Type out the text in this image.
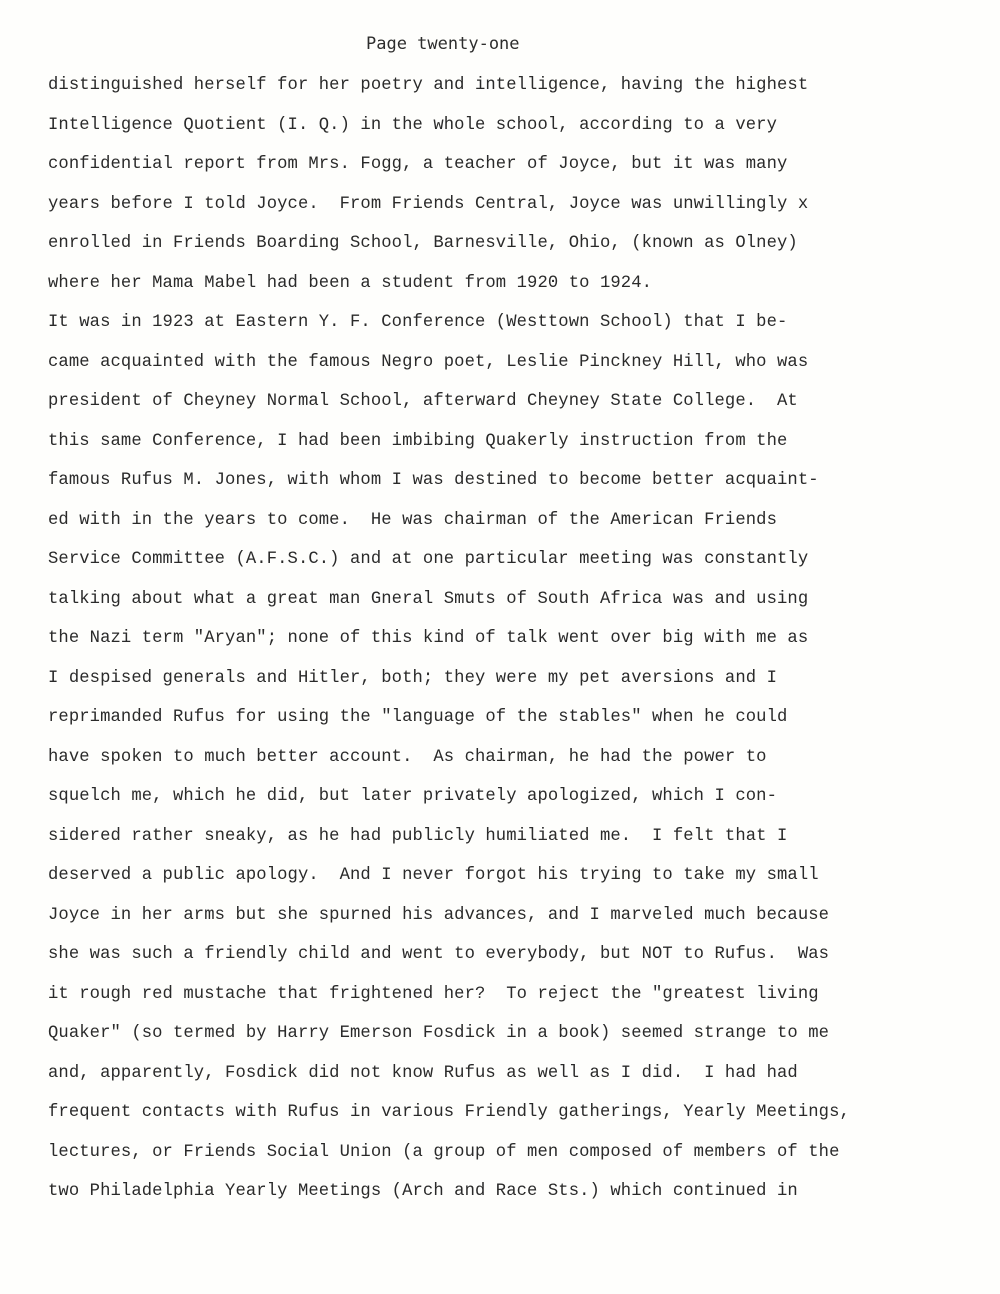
Page twenty-one
distinguished herself for her poetry and intelligence, having the highest
Intelligence Quotient (I. Q.) in the whole school, according to a very
confidential report from Mrs. Fogg, a teacher of Joyce, but it was many
years before I told Joyce.  From Friends Central, Joyce was unwillingly x
enrolled in Friends Boarding School, Barnesville, Ohio, (known as Olney)
where her Mama Mabel had been a student from 1920 to 1924.
It was in 1923 at Eastern Y. F. Conference (Westtown School) that I be-
came acquainted with the famous Negro poet, Leslie Pinckney Hill, who was
president of Cheyney Normal School, afterward Cheyney State College.  At
this same Conference, I had been imbibing Quakerly instruction from the
famous Rufus M. Jones, with whom I was destined to become better acquaint-
ed with in the years to come.  He was chairman of the American Friends
Service Committee (A.F.S.C.) and at one particular meeting was constantly
talking about what a great man Gneral Smuts of South Africa was and using
the Nazi term "Aryan"; none of this kind of talk went over big with me as
I despised generals and Hitler, both; they were my pet aversions and I
reprimanded Rufus for using the "language of the stables" when he could
have spoken to much better account.  As chairman, he had the power to
squelch me, which he did, but later privately apologized, which I con-
sidered rather sneaky, as he had publicly humiliated me.  I felt that I
deserved a public apology.  And I never forgot his trying to take my small
Joyce in her arms but she spurned his advances, and I marveled much because
she was such a friendly child and went to everybody, but NOT to Rufus.  Was
it rough red mustache that frightened her?  To reject the "greatest living
Quaker" (so termed by Harry Emerson Fosdick in a book) seemed strange to me
and, apparently, Fosdick did not know Rufus as well as I did.  I had had
frequent contacts with Rufus in various Friendly gatherings, Yearly Meetings,
lectures, or Friends Social Union (a group of men composed of members of the
two Philadelphia Yearly Meetings (Arch and Race Sts.) which continued in
